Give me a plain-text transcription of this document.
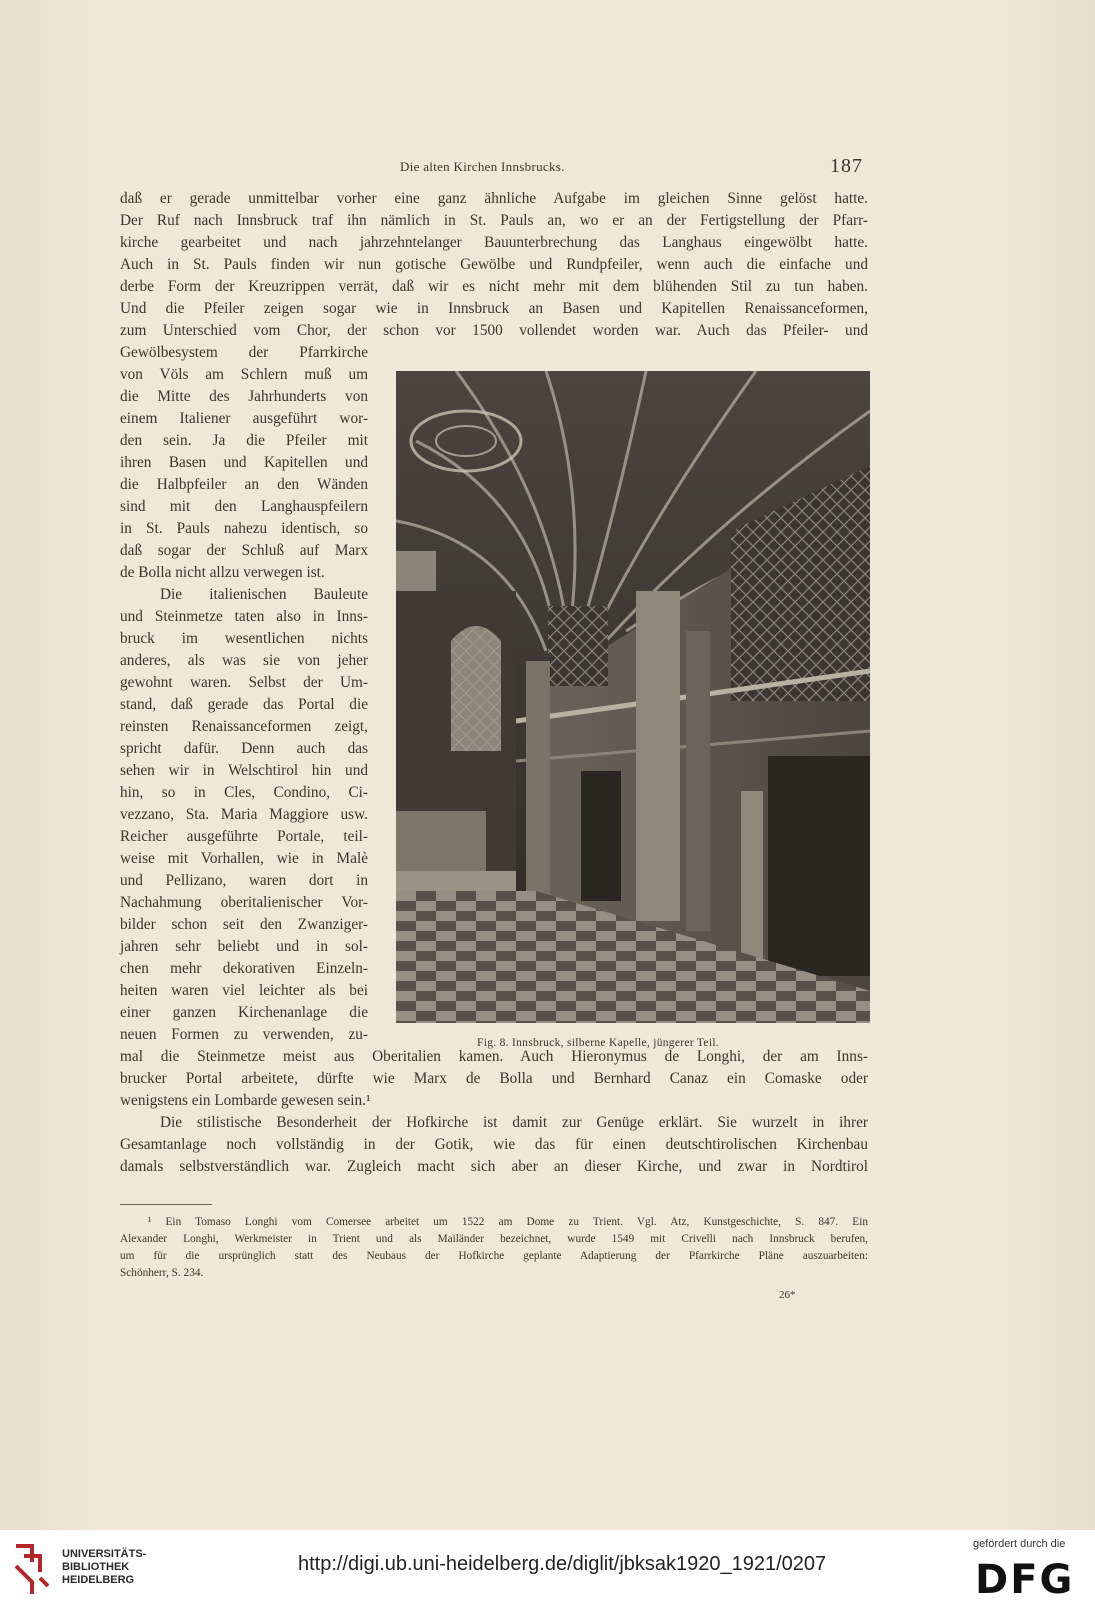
Die alten Kirchen Innsbrucks.	187
daß er gerade unmittelbar vorher eine ganz ähnliche Aufgabe im gleichen Sinne gelöst hatte.
Der Ruf nach Innsbruck traf ihn nämlich in St. Pauls an, wo er an der Fertigstellung der Pfarr-
kirche gearbeitet und nach jahrzehntelanger Bauunterbrechung das Langhaus eingewölbt hatte.
Auch in St. Pauls finden wir nun gotische Gewölbe und Rundpfeiler, wenn auch die einfache und
derbe Form der Kreuzrippen verrät, daß wir es nicht mehr mit dem blühenden Stil zu tun haben.
Und die Pfeiler zeigen sogar wie in Innsbruck an Basen und Kapitellen Renaissanceformen,
zum Unterschied vom Chor, der schon vor 1500 vollendet worden war. Auch das Pfeiler- und
Gewölbesystem der Pfarrkirche
von Völs am Schlern muß um
die Mitte des Jahrhunderts von
einem Italiener ausgeführt wor-
den sein. Ja die Pfeiler mit
ihren Basen und Kapitellen und
die Halbpfeiler an den Wänden
sind mit den Langhauspfeilern
in St. Pauls nahezu identisch, so
daß sogar der Schluß auf Marx
de Bolla nicht allzu verwegen ist.
Die italienischen Bauleute
und Steinmetze taten also in Inns-
bruck im wesentlichen nichts
anderes, als was sie von jeher
gewohnt waren. Selbst der Um-
stand, daß gerade das Portal die
reinsten Renaissanceformen zeigt,
spricht dafür. Denn auch das
sehen wir in Welschtirol hin und
hin, so in Cles, Condino, Ci-
vezzano, Sta. Maria Maggiore usw.
Reicher ausgeführte Portale, teil-
weise mit Vorhallen, wie in Malè
und Pellizano, waren dort in
Nachahmung oberitalienischer Vor-
bilder schon seit den Zwanziger-
jahren sehr beliebt und in sol-
chen mehr dekorativen Einzeln-
heiten waren viel leichter als bei
einer ganzen Kirchenanlage die
neuen Formen zu verwenden, zu-	Fig. 8. Innsbruck, silberne Kapelle, jüngerer Teil.
mal die Steinmetze meist aus Oberitalien kamen. Auch Hieronymus de Longhi, der am Inns-
brucker Portal arbeitete, dürfte wie Marx de Bolla und Bernhard Canaz ein Comaske oder
wenigstens ein Lombarde gewesen sein.¹
Die stilistische Besonderheit der Hofkirche ist damit zur Genüge erklärt. Sie wurzelt in ihrer
Gesamtanlage noch vollständig in der Gotik, wie das für einen deutschtirolischen Kirchenbau
damals selbstverständlich war. Zugleich macht sich aber an dieser Kirche, und zwar in Nordtirol
¹ Ein Tomaso Longhi vom Comersee arbeitet um 1522 am Dome zu Trient. Vgl. Atz, Kunstgeschichte, S. 847. Ein
Alexander Longhi, Werkmeister in Trient und als Mailänder bezeichnet, wurde 1549 mit Crivelli nach Innsbruck berufen,
um für die ursprünglich statt des Neubaus der Hofkirche geplante Adaptierung der Pfarrkirche Pläne auszuarbeiten:
Schönherr, S. 234.
26*
UNIVERSITÄTS-
BIBLIOTHEK
HEIDELBERG
http://digi.ub.uni-heidelberg.de/diglit/jbksak1920_1921/0207
gefördert durch die
DFG
